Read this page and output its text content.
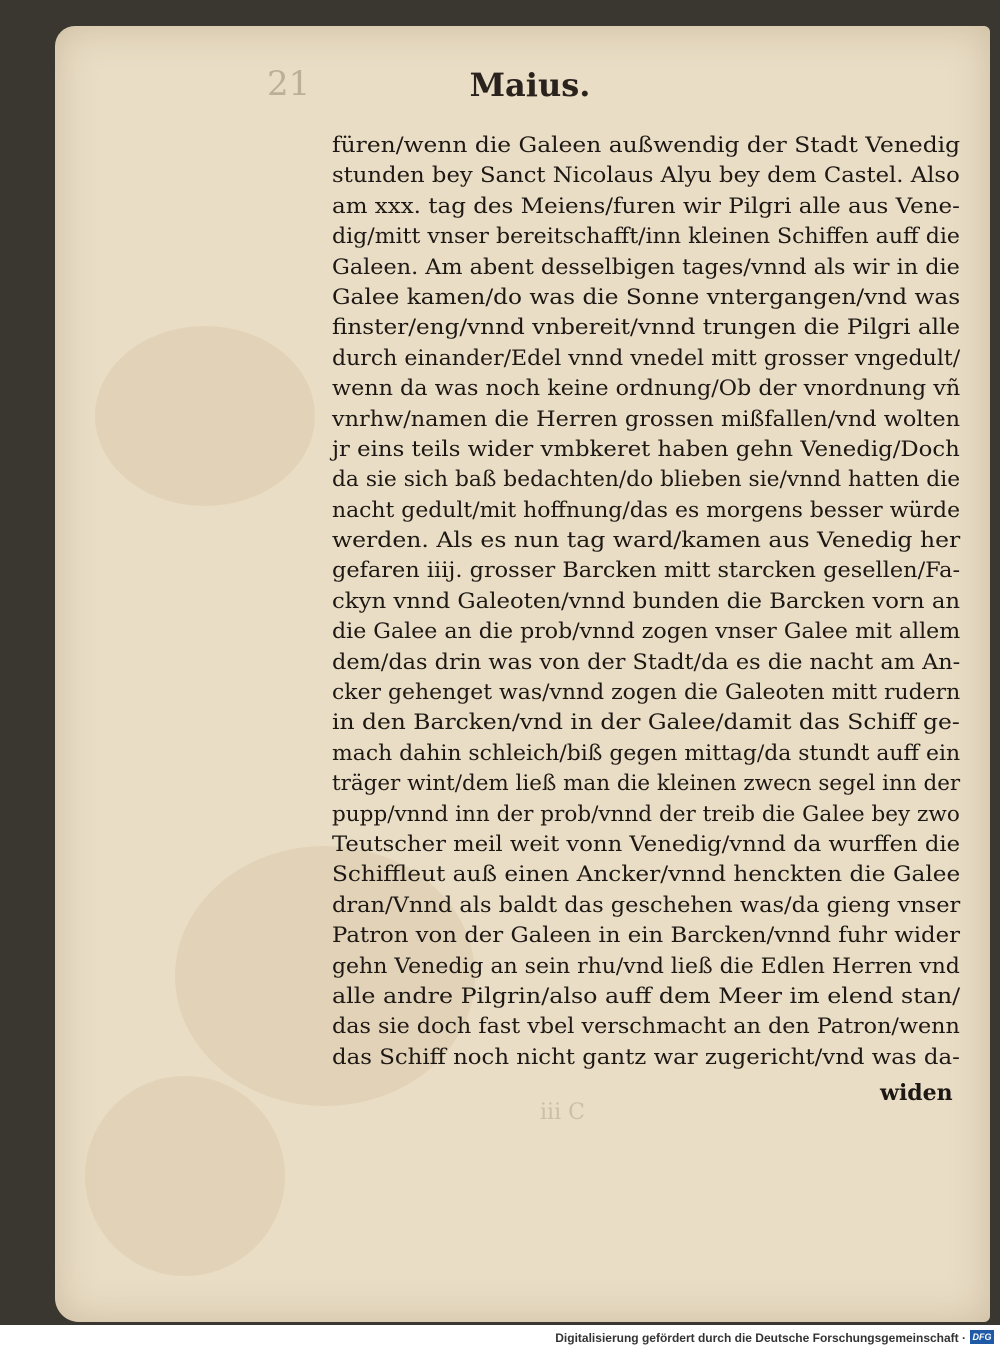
21	Maius.
füren/wenn die Galeen außwendig der Stadt Venedig
stunden bey Sanct Nicolaus Alyu bey dem Castel. Also
am xxx. tag des Meiens/furen wir Pilgri alle aus Vene-
dig/mitt vnser bereitschafft/inn kleinen Schiffen auff die
Galeen. Am abent desselbigen tages/vnnd als wir in die
Galee kamen/do was die Sonne vntergangen/vnd was
finster/eng/vnnd vnbereit/vnnd trungen die Pilgri alle
durch einander/Edel vnnd vnedel mitt grosser vngedult/
wenn da was noch keine ordnung/Ob der vnordnung vñ
vnrhw/namen die Herren grossen mißfallen/vnd wolten
jr eins teils wider vmbkeret haben gehn Venedig/Doch
da sie sich baß bedachten/do blieben sie/vnnd hatten die
nacht gedult/mit hoffnung/das es morgens besser würde
werden. Als es nun tag ward/kamen aus Venedig her
gefaren iiij. grosser Barcken mitt starcken gesellen/Fa-
ckyn vnnd Galeoten/vnnd bunden die Barcken vorn an
die Galee an die prob/vnnd zogen vnser Galee mit allem
dem/das drin was von der Stadt/da es die nacht am An-
cker gehenget was/vnnd zogen die Galeoten mitt rudern
in den Barcken/vnd in der Galee/damit das Schiff ge-
mach dahin schleich/biß gegen mittag/da stundt auff ein
träger wint/dem ließ man die kleinen zwecn segel inn der
pupp/vnnd inn der prob/vnnd der treib die Galee bey zwo
Teutscher meil weit vonn Venedig/vnnd da wurffen die
Schiffleut auß einen Ancker/vnnd henckten die Galee
dran/Vnnd als baldt das geschehen was/da gieng vnser
Patron von der Galeen in ein Barcken/vnnd fuhr wider
gehn Venedig an sein rhu/vnd ließ die Edlen Herren vnd
alle andre Pilgrin/also auff dem Meer im elend stan/
das sie doch fast vbel verschmacht an den Patron/wenn
das Schiff noch nicht gantz war zugericht/vnd was da-
iii C
widen
Digitalisierung gefördert durch die Deutsche Forschungsgemeinschaft · DFG
